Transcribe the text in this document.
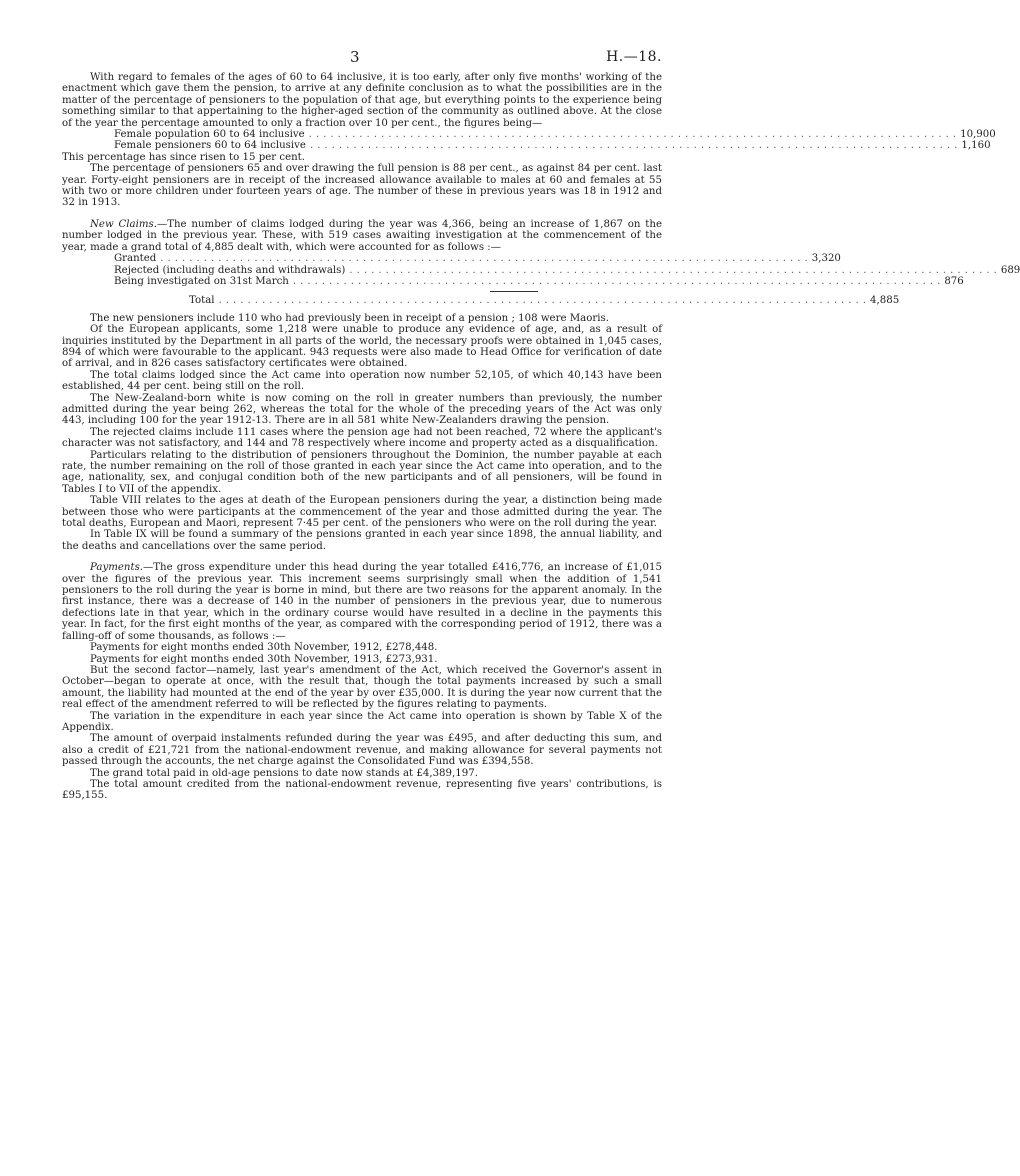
3	H.—18.

With regard to females of the ages of 60 to 64 inclusive, it is too early, after only five months' working of the enactment which gave them the pension, to arrive at any definite conclusion as to what the possibilities are in the matter of the percentage of pensioners to the population of that age, but everything points to the experience being something similar to that appertaining to the higher-aged section of the community as outlined above. At the close of the year the percentage amounted to only a fraction over 10 per cent., the figures being—

Female population 60 to 64 inclusive .......................................................................................... 10,900
Female pensioners 60 to 64 inclusive .......................................................................................... 1,160

This percentage has since risen to 15 per cent.

The percentage of pensioners 65 and over drawing the full pension is 88 per cent., as against 84 per cent. last year. Forty-eight pensioners are in receipt of the increased allowance available to males at 60 and females at 55 with two or more children under fourteen years of age. The number of these in previous years was 18 in 1912 and 32 in 1913.

New Claims.—The number of claims lodged during the year was 4,366, being an increase of 1,867 on the number lodged in the previous year. These, with 519 cases awaiting investigation at the commencement of the year, made a grand total of 4,885 dealt with, which were accounted for as follows :—

Granted .......................................................................................... 3,320
Rejected (including deaths and withdrawals) .......................................................................................... 689
Being investigated on 31st March .......................................................................................... 876
Total .......................................................................................... 4,885

The new pensioners include 110 who had previously been in receipt of a pension ; 108 were Maoris.

Of the European applicants, some 1,218 were unable to produce any evidence of age, and, as a result of inquiries instituted by the Department in all parts of the world, the necessary proofs were obtained in 1,045 cases, 894 of which were favourable to the applicant. 943 requests were also made to Head Office for verification of date of arrival, and in 826 cases satisfactory certificates were obtained.

The total claims lodged since the Act came into operation now number 52,105, of which 40,143 have been established, 44 per cent. being still on the roll.

The New-Zealand-born white is now coming on the roll in greater numbers than previously, the number admitted during the year being 262, whereas the total for the whole of the preceding years of the Act was only 443, including 100 for the year 1912-13. There are in all 581 white New-Zealanders drawing the pension.

The rejected claims include 111 cases where the pension age had not been reached, 72 where the applicant's character was not satisfactory, and 144 and 78 respectively where income and property acted as a disqualification.

Particulars relating to the distribution of pensioners throughout the Dominion, the number payable at each rate, the number remaining on the roll of those granted in each year since the Act came into operation, and to the age, nationality, sex, and conjugal condition both of the new participants and of all pensioners, will be found in Tables I to VII of the appendix.

Table VIII relates to the ages at death of the European pensioners during the year, a distinction being made between those who were participants at the commencement of the year and those admitted during the year. The total deaths, European and Maori, represent 7·45 per cent. of the pensioners who were on the roll during the year.

In Table IX will be found a summary of the pensions granted in each year since 1898, the annual liability, and the deaths and cancellations over the same period.

Payments.—The gross expenditure under this head during the year totalled £416,776, an increase of £1,015 over the figures of the previous year. This increment seems surprisingly small when the addition of 1,541 pensioners to the roll during the year is borne in mind, but there are two reasons for the apparent anomaly. In the first instance, there was a decrease of 140 in the number of pensioners in the previous year, due to numerous defections late in that year, which in the ordinary course would have resulted in a decline in the payments this year. In fact, for the first eight months of the year, as compared with the corresponding period of 1912, there was a falling-off of some thousands, as follows :—

Payments for eight months ended 30th November, 1912, £278,448.

Payments for eight months ended 30th November, 1913, £273,931.

But the second factor—namely, last year's amendment of the Act, which received the Governor's assent in October—began to operate at once, with the result that, though the total payments increased by such a small amount, the liability had mounted at the end of the year by over £35,000. It is during the year now current that the real effect of the amendment referred to will be reflected by the figures relating to payments.

The variation in the expenditure in each year since the Act came into operation is shown by Table X of the Appendix.

The amount of overpaid instalments refunded during the year was £495, and after deducting this sum, and also a credit of £21,721 from the national-endowment revenue, and making allowance for several payments not passed through the accounts, the net charge against the Consolidated Fund was £394,558.

The grand total paid in old-age pensions to date now stands at £4,389,197.

The total amount credited from the national-endowment revenue, representing five years' contributions, is £95,155.
